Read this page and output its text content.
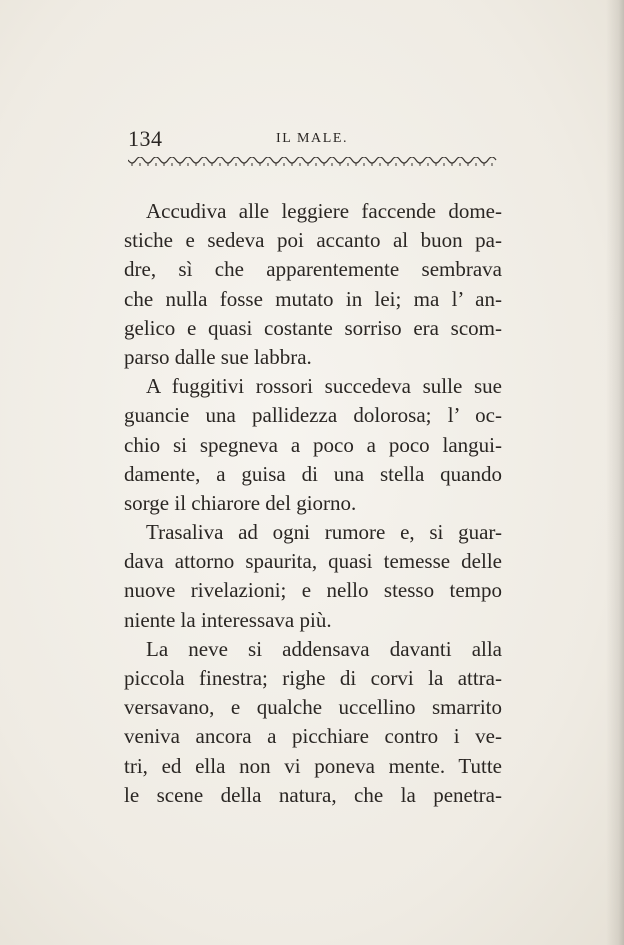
134	IL MALE.

Accudiva alle leggiere faccende dome-
stiche e sedeva poi accanto al buon pa-
dre, sì che apparentemente sembrava
che nulla fosse mutato in lei; ma l’ an-
gelico e quasi costante sorriso era scom-
parso dalle sue labbra.

A fuggitivi rossori succedeva sulle sue
guancie una pallidezza dolorosa; l’ oc-
chio si spegneva a poco a poco langui-
damente, a guisa di una stella quando
sorge il chiarore del giorno.

Trasaliva ad ogni rumore e, si guar-
dava attorno spaurita, quasi temesse delle
nuove rivelazioni; e nello stesso tempo
niente la interessava più.

La neve si addensava davanti alla
piccola finestra; righe di corvi la attra-
versavano, e qualche uccellino smarrito
veniva ancora a picchiare contro i ve-
tri, ed ella non vi poneva mente. Tutte
le scene della natura, che la penetra-
